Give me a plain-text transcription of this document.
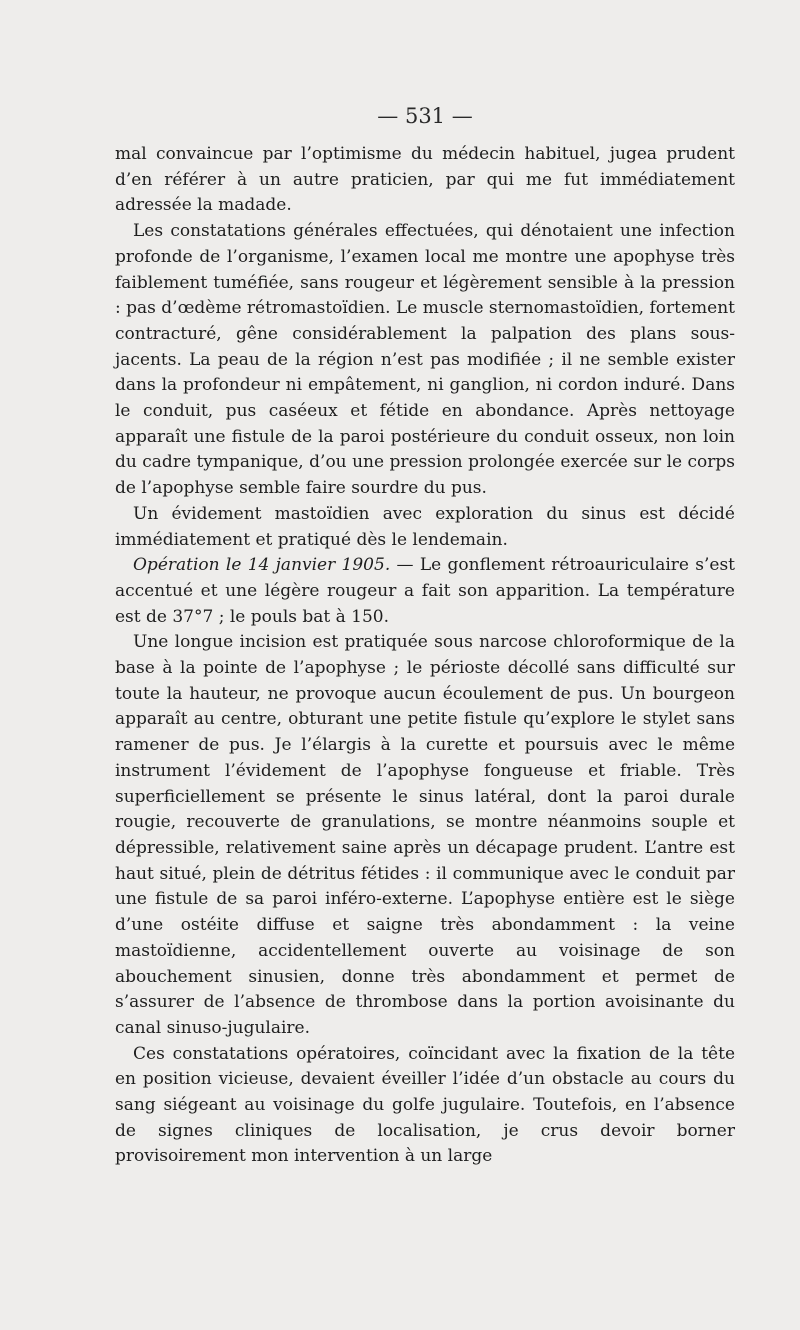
— 531 —

mal convaincue par l’optimisme du médecin habituel, jugea prudent d’en référer à un autre praticien, par qui me fut immédiatement adressée la madade.

Les constatations générales effectuées, qui dénotaient une infection profonde de l’organisme, l’examen local me montre une apophyse très faiblement tuméfiée, sans rougeur et légèrement sensible à la pression : pas d’œdème rétromastoïdien. Le muscle sternomastoïdien, fortement contracturé, gêne considérablement la palpation des plans sous-jacents. La peau de la région n’est pas modifiée ; il ne semble exister dans la profondeur ni empâtement, ni ganglion, ni cordon induré. Dans le conduit, pus caséeux et fétide en abondance. Après nettoyage apparaît une fistule de la paroi postérieure du conduit osseux, non loin du cadre tympanique, d’ou une pression prolongée exercée sur le corps de l’apophyse semble faire sourdre du pus.

Un évidement mastoïdien avec exploration du sinus est décidé immédiatement et pratiqué dès le lendemain.

Opération le 14 janvier 1905. — Le gonflement rétroauriculaire s’est accentué et une légère rougeur a fait son apparition. La température est de 37°7 ; le pouls bat à 150.

Une longue incision est pratiquée sous narcose chloroformique de la base à la pointe de l’apophyse ; le périoste décollé sans difficulté sur toute la hauteur, ne provoque aucun écoulement de pus. Un bourgeon apparaît au centre, obturant une petite fistule qu’explore le stylet sans ramener de pus. Je l’élargis à la curette et poursuis avec le même instrument l’évidement de l’apophyse fongueuse et friable. Très superficiellement se présente le sinus latéral, dont la paroi durale rougie, recouverte de granulations, se montre néanmoins souple et dépressible, relativement saine après un décapage prudent. L’antre est haut situé, plein de détritus fétides : il communique avec le conduit par une fistule de sa paroi inféro-externe. L’apophyse entière est le siège d’une ostéite diffuse et saigne très abondamment : la veine mastoïdienne, accidentellement ouverte au voisinage de son abouchement sinusien, donne très abondamment et permet de s’assurer de l’absence de thrombose dans la portion avoisinante du canal sinuso-jugulaire.

Ces constatations opératoires, coïncidant avec la fixation de la tête en position vicieuse, devaient éveiller l’idée d’un obstacle au cours du sang siégeant au voisinage du golfe jugulaire. Toutefois, en l’absence de signes cliniques de localisation, je crus devoir borner provisoirement mon intervention à un large
